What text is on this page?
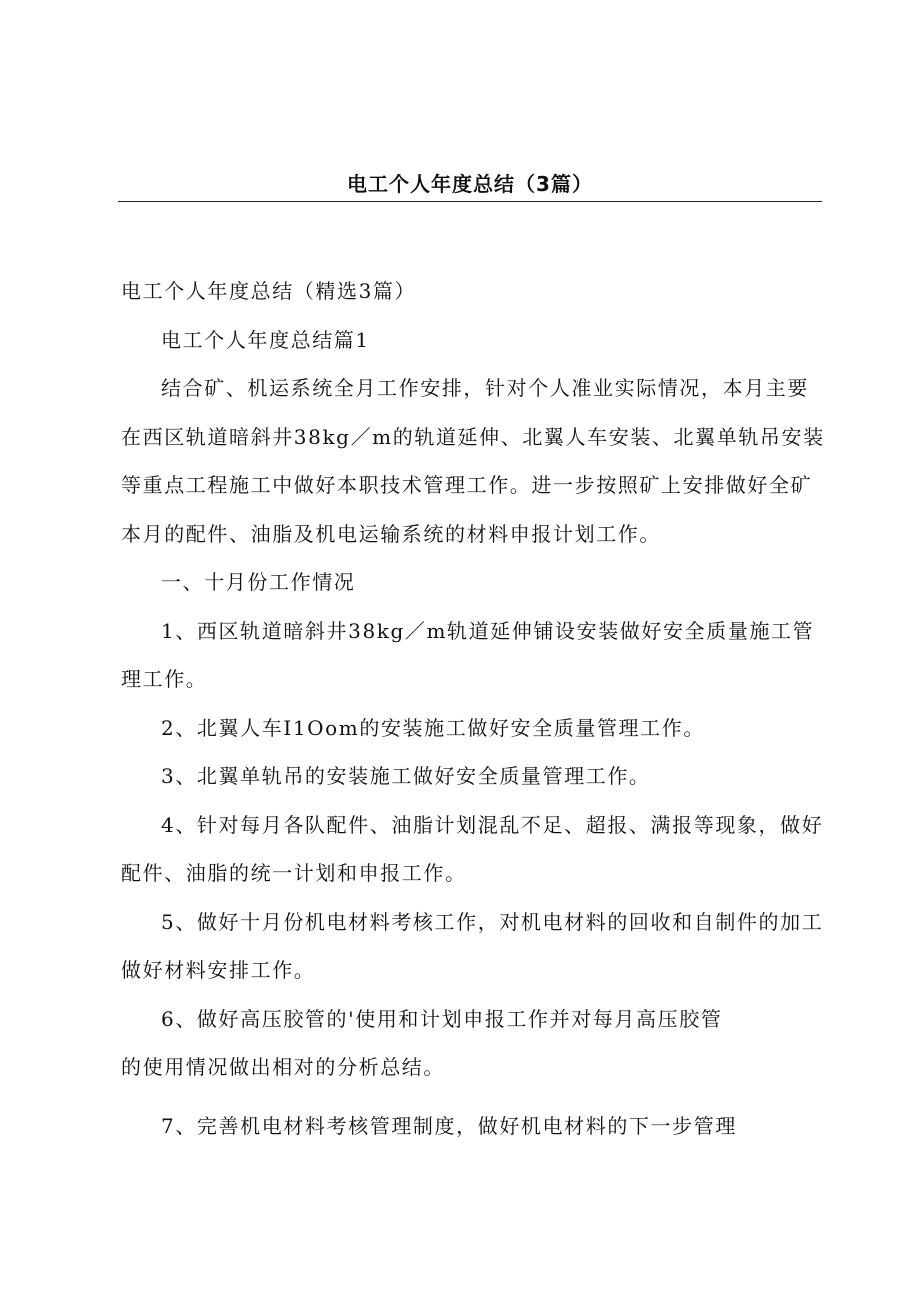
电工个人年度总结（3篇）

电工个人年度总结（精选3篇）

电工个人年度总结篇1

结合矿、机运系统全月工作安排，针对个人准业实际情况，本月主要在西区轨道暗斜井38kg／m的轨道延伸、北翼人车安装、北翼单轨吊安装等重点工程施工中做好本职技术管理工作。进一步按照矿上安排做好全矿本月的配件、油脂及机电运输系统的材料申报计划工作。

一、十月份工作情况

1、西区轨道暗斜井38kg／m轨道延伸铺设安装做好安全质量施工管理工作。

2、北翼人车I1Oom的安装施工做好安全质量管理工作。

3、北翼单轨吊的安装施工做好安全质量管理工作。

4、针对每月各队配件、油脂计划混乱不足、超报、满报等现象，做好配件、油脂的统一计划和申报工作。

5、做好十月份机电材料考核工作，对机电材料的回收和自制件的加工做好材料安排工作。

6、做好高压胶管的'使用和计划申报工作并对每月高压胶管

的使用情况做出相对的分析总结。

7、完善机电材料考核管理制度，做好机电材料的下一步管理
